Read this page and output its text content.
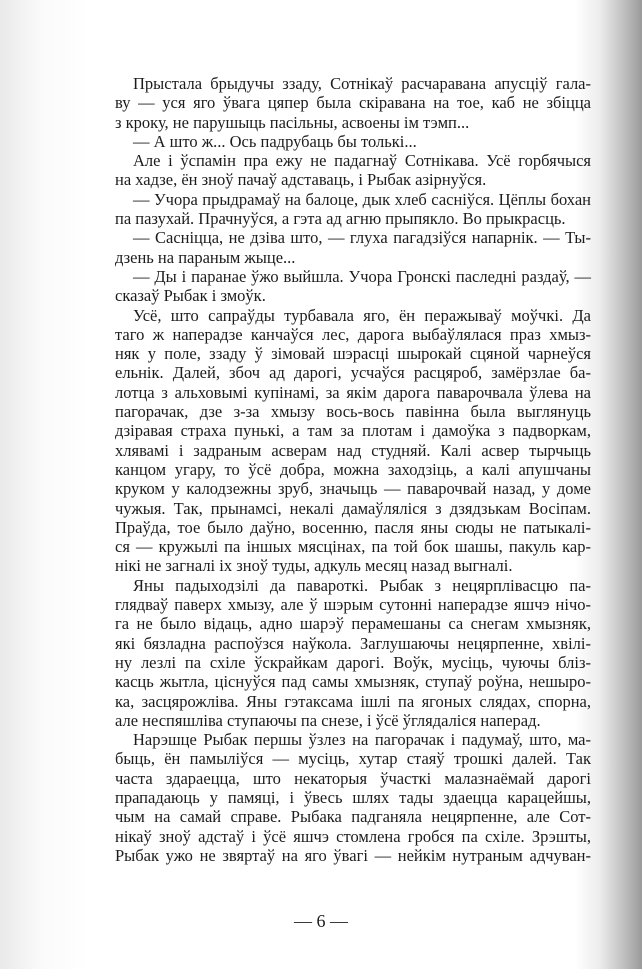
Прыстала брыдучы ззаду, Сотнікаў расчаравана апусціў гала-
ву — уся яго ўвага цяпер была скіравана на тое, каб не збіцца
з кроку, не парушыць пасільны, асвоены ім тэмп...
— А што ж... Ось падрубаць бы толькі...
Але і ўспамін пра ежу не падагнаў Сотнікава. Усё горбячыся
на хадзе, ён зноў пачаў адставаць, і Рыбак азірнуўся.
— Учора прыдрамаў на балоце, дык хлеб сасніўся. Цёплы бохан
па пазухай. Прачнуўся, а гэта ад агню прыпякло. Во прыкрасць.
— Сасніцца, не дзіва што, — глуха пагадзіўся напарнік. — Ты-
дзень на параным жыце...
— Ды і паранае ўжо выйшла. Учора Гронскі паследні раздаў, —
сказаў Рыбак і змоўк.
Усё, што сапраўды турбавала яго, ён перажываў моўчкі. Да
таго ж наперадзе канчаўся лес, дарога выбаўлялася праз хмыз-
няк у поле, ззаду ў зімовай шэрасці шырокай сцяной чарнеўся
ельнік. Далей, збоч ад дарогі, усчаўся расцяроб, замёрзлае ба-
лотца з альховымі купінамі, за якім дарога паварочвала ўлева на
пагорачак, дзе з-за хмызу вось-вось павінна была выглянуць
дзіравая страха пунькі, а там за плотам і дамоўка з падворкам,
хлявамі і задраным асверам над студняй. Калі асвер тырчыць
канцом угару, то ўсё добра, можна заходзіць, а калі апушчаны
круком у калодзежны зруб, значыць — паварочвай назад, у доме
чужыя. Так, прынамсі, некалі дамаўляліся з дзядзькам Восіпам.
Праўда, тое было даўно, восенню, пасля яны сюды не патыкалі-
ся — кружылі па іншых мясцінах, па той бок шашы, пакуль кар-
нікі не загналі іх зноў туды, адкуль месяц назад выгналі.
Яны падыходзілі да павароткі. Рыбак з нецярплівасцю па-
глядваў паверх хмызу, але ў шэрым сутонні наперадзе яшчэ нічо-
га не было відаць, адно шарэў перамешаны са снегам хмызняк,
які бязладна распоўзся наўкола. Заглушаючы нецярпенне, хвілі-
ну лезлі па схіле ўскрайкам дарогі. Воўк, мусіць, чуючы бліз-
касць жытла, ціснуўся пад самы хмызняк, ступаў роўна, нешыро-
ка, засцярожліва. Яны гэтаксама ішлі па ягоных слядах, спорна,
але неспяшліва ступаючы па снезе, і ўсё ўглядаліся наперад.
Нарэшце Рыбак першы ўзлез на пагорачак і падумаў, што, ма-
быць, ён памыліўся — мусіць, хутар стаяў трошкі далей. Так
часта здараецца, што некаторыя ўчасткі малазнаёмай дарогі
прападаюць у памяці, і ўвесь шлях тады здаецца карацейшы,
чым на самай справе. Рыбака падганяла нецярпенне, але Сот-
нікаў зноў адстаў і ўсё яшчэ стомлена гробся па схіле. Зрэшты,
Рыбак ужо не звяртаў на яго ўвагі — нейкім нутраным адчуван-
— 6 —
